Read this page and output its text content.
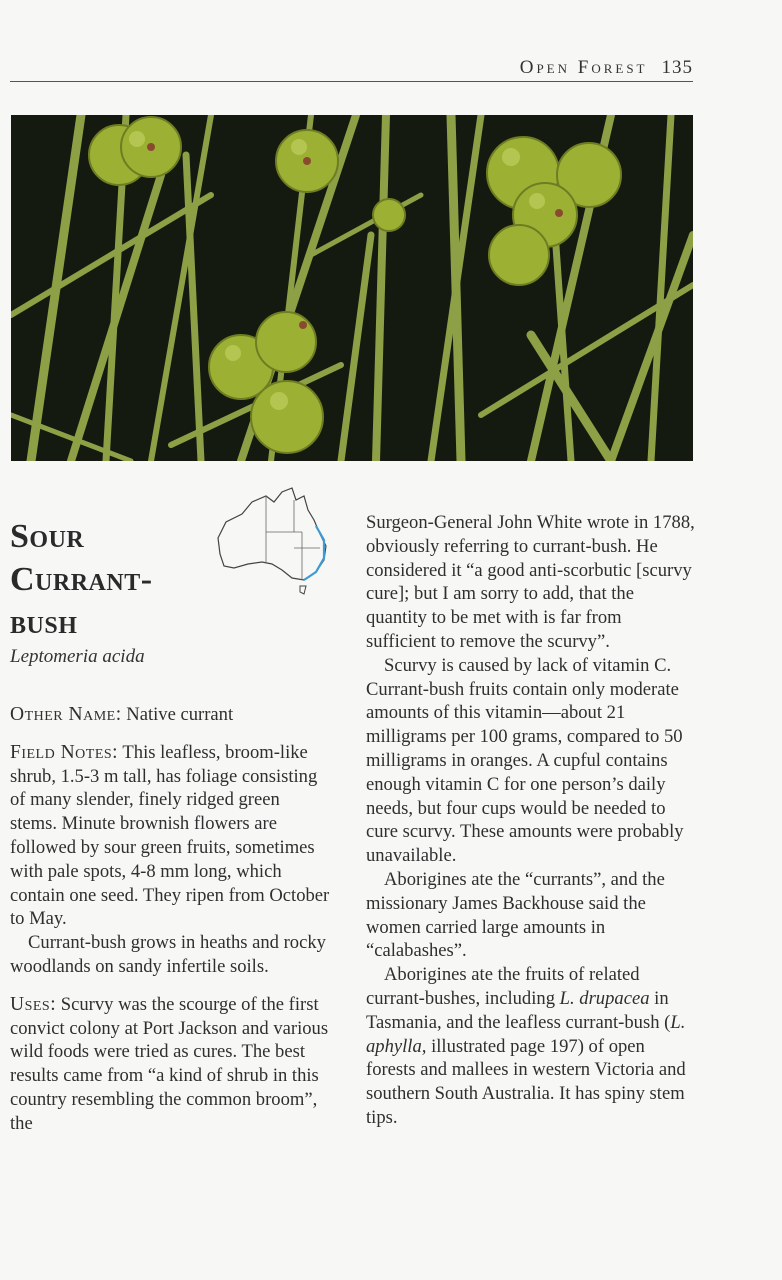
Open Forest 135
Sour
Currant-
bush
Leptomeria acida

Other Name: Native currant

Field Notes: This leafless, broom-like shrub, 1.5-3 m tall, has foliage consisting of many slender, finely ridged green stems. Minute brownish flowers are followed by sour green fruits, sometimes with pale spots, 4-8 mm long, which contain one seed. They ripen from October to May.

Currant-bush grows in heaths and rocky woodlands on sandy infertile soils.

Uses: Scurvy was the scourge of the first convict colony at Port Jackson and various wild foods were tried as cures. The best results came from “a kind of shrub in this country resembling the common broom”, the

Surgeon-General John White wrote in 1788, obviously referring to currant-bush. He considered it “a good anti-scorbutic [scurvy cure]; but I am sorry to add, that the quantity to be met with is far from sufficient to remove the scurvy”.

Scurvy is caused by lack of vitamin C. Currant-bush fruits contain only moderate amounts of this vitamin—about 21 milligrams per 100 grams, compared to 50 milligrams in oranges. A cupful contains enough vitamin C for one person’s daily needs, but four cups would be needed to cure scurvy. These amounts were probably unavailable.

Aborigines ate the “currants”, and the missionary James Backhouse said the women carried large amounts in “calabashes”.

Aborigines ate the fruits of related currant-bushes, including L. drupacea in Tasmania, and the leafless currant-bush (L. aphylla, illustrated page 197) of open forests and mallees in western Victoria and southern South Australia. It has spiny stem tips.
